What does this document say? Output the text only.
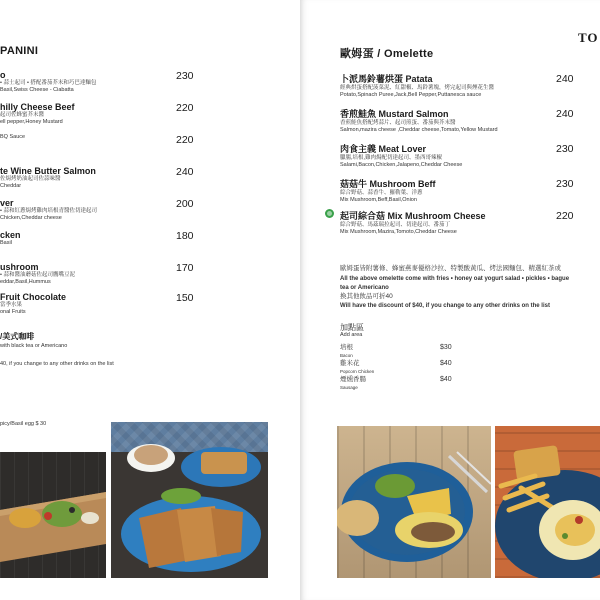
PANINI
o
• 蒜士起司 • 搭配番茄芥末和巧巴達麵包
Basil,Swiss Cheese - Ciabatta
230
hilly Cheese Beef
起司佐蜂蜜芥末醬
ell pepper,Honey Mustard
220
BQ Sauce	220
te Wine Butter Salmon
佐焗烤奶油起司佐蒜味醬
Cheddar
240
ver
• 蒜和紅蔥焗烤雞肉培根青醬佐切達起司
Chicken,Cheddar cheese
200
cken
Basil
180
ushroom
• 蒜和醬油蘑菇佐起司鷹嘴豆泥
eddar,Basil,Hummus
170
Fruit Chocolate
當季水果
onal Fruits
150
/美式咖啡
with black tea or Americano
40, if you change to any other drinks on the list
picy/Basil egg $ 30
歐姆蛋 / Omelette
TO
卜派馬鈴薯烘蛋 Patata
經典烘蛋搭配菠菜泥、紅甜椒、馬鈴薯塊，烤完起司與煙花生醬
Potato,Spinach Puree,Jack,Bell Pepper,Puttanesca sauce
240
香煎鮭魚 Mustard Salmon
香煎鮭魚搭配烤蒜片、起司煎蛋、番茄與芥末醬
Salmon,mazira cheese ,Cheddar cheese,Tomato,Yellow Mustard
240
肉食主義 Meat Lover
臘腸,培根,雞肉焗配切達起司、墨西哥辣椒
Salami,Bacon,Chicken,Jalapeno,Cheddar Cheese
230
菇菇牛 Mushroom Beff
綜合野菇、蒜香牛、羅勒葉、洋蔥
Mix Mushroom,Beff,Basil,Onion
230
起司綜合菇 Mix Mushroom Cheese
綜合野菇、馬茲瑞拉起司、切達起司、番茄丁
Mix Mushroom,Mazira,Tomoto,Cheddar Cheese
220
歐姆蛋皆附薯條、蜂蜜燕麥優格沙拉、特製酸黃瓜、烤法國麵包、精選紅茶或
All the above omelette come with fries • honey oat yogurt salad • pickles • bague
tea or Americano
換其他飲品可折40
Will have the discount of $40, if you change to any other drinks on the list
加點區
Add area
培根
Bacon
$30
雞米花
Popcorn Chicken
$40
煙燻香腸
Sausage
$40
